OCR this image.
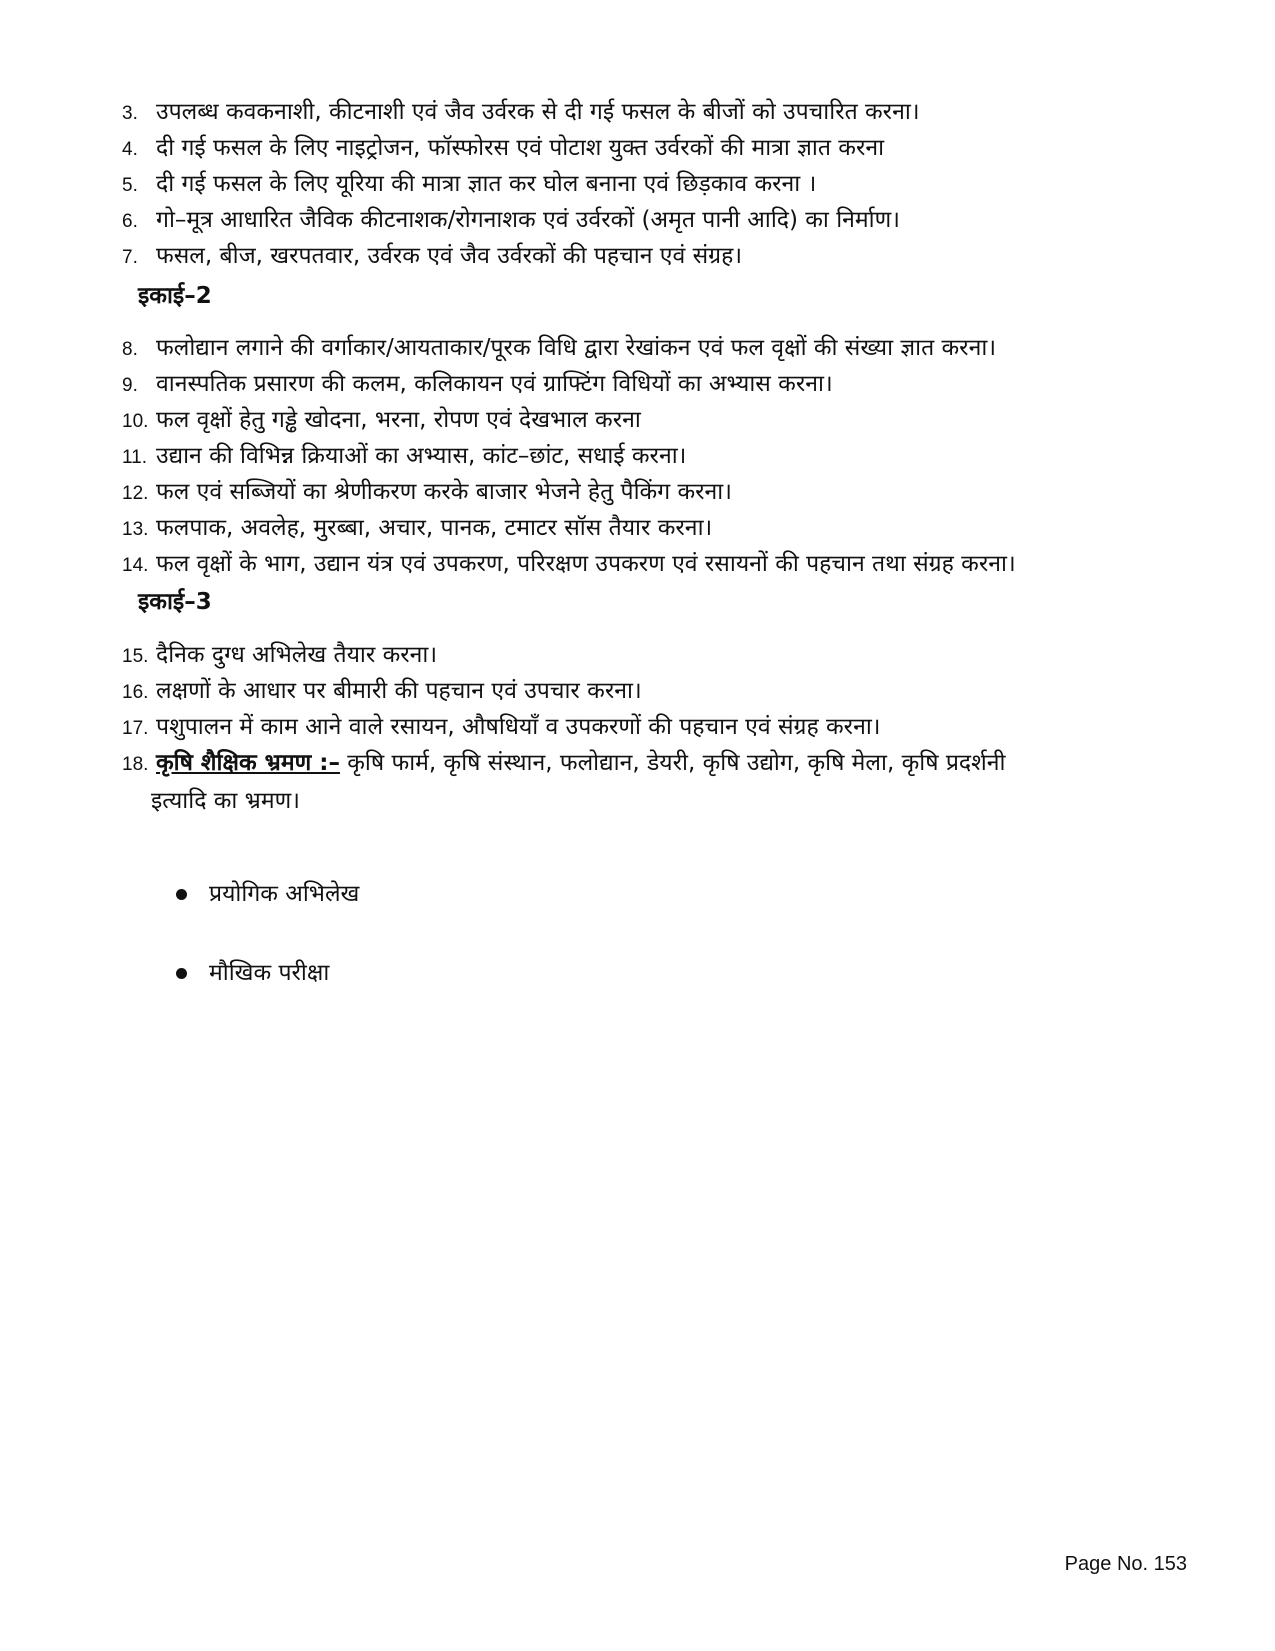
3. उपलब्ध कवकनाशी, कीटनाशी एवं जैव उर्वरक से दी गई फसल के बीजों को उपचारित करना।
4. दी गई फसल के लिए नाइट्रोजन, फॉस्फोरस एवं पोटाश युक्त उर्वरकों की मात्रा ज्ञात करना
5. दी गई फसल के लिए यूरिया की मात्रा ज्ञात कर घोल बनाना एवं छिड़काव करना ।
6. गो–मूत्र आधारित जैविक कीटनाशक/रोगनाशक एवं उर्वरकों (अमृत पानी आदि) का निर्माण।
7. फसल, बीज, खरपतवार, उर्वरक एवं जैव उर्वरकों की पहचान एवं संग्रह।
इकाई–2
8. फलोद्यान लगाने की वर्गाकार/आयताकार/पूरक विधि द्वारा रेखांकन एवं फल वृक्षों की संख्या ज्ञात करना।
9. वानस्पतिक प्रसारण की कलम, कलिकायन एवं ग्राफ्टिंग विधियों का अभ्यास करना।
10. फल वृक्षों हेतु गड्ढे खोदना, भरना, रोपण एवं देखभाल करना
11. उद्यान की विभिन्न क्रियाओं का अभ्यास, कांट–छांट, सधाई करना।
12. फल एवं सब्जियों का श्रेणीकरण करके बाजार भेजने हेतु पैकिंग करना।
13. फलपाक, अवलेह, मुरब्बा, अचार, पानक, टमाटर सॉस तैयार करना।
14. फल वृक्षों के भाग, उद्यान यंत्र एवं उपकरण, परिरक्षण उपकरण एवं रसायनों की पहचान तथा संग्रह करना।
इकाई–3
15. दैनिक दुग्ध अभिलेख तैयार करना।
16. लक्षणों के आधार पर बीमारी की पहचान एवं उपचार करना।
17. पशुपालन में काम आने वाले रसायन, औषधियाँ व उपकरणों की पहचान एवं संग्रह करना।
18. कृषि शैक्षिक भ्रमण :– कृषि फार्म, कृषि संस्थान, फलोद्यान, डेयरी, कृषि उद्योग, कृषि मेला, कृषि प्रदर्शनी
इत्यादि का भ्रमण।
प्रयोगिक अभिलेख
मौखिक परीक्षा
Page No. 153
